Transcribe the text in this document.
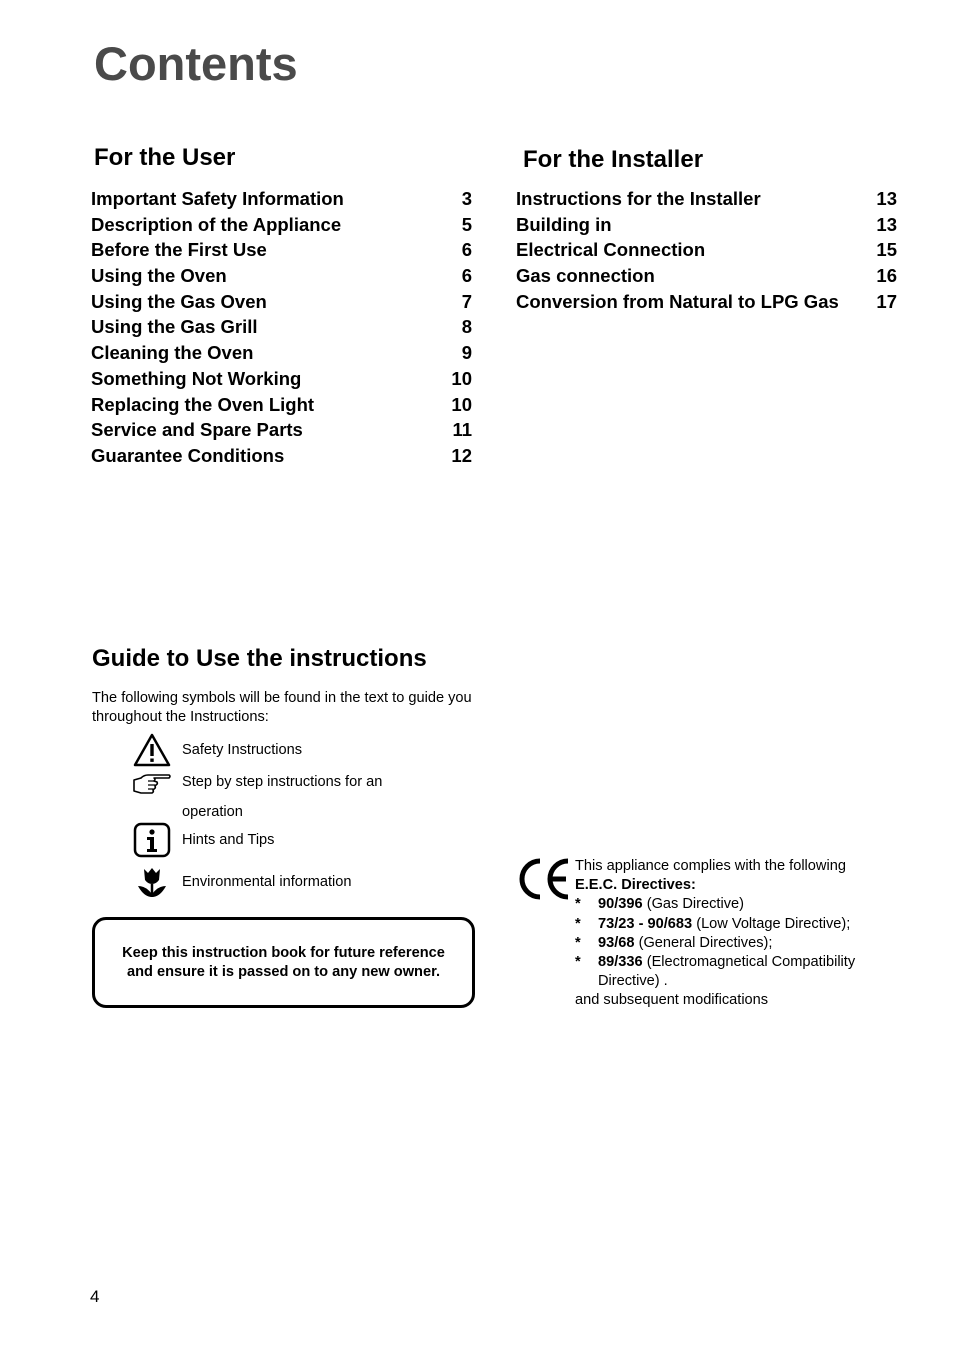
Contents
For the User
Important Safety Information	3
Description of the Appliance	5
Before the First Use	6
Using the Oven	6
Using the Gas Oven	7
Using the Gas Grill	8
Cleaning the Oven	9
Something Not Working	10
Replacing the Oven Light	10
Service and Spare Parts	11
Guarantee Conditions	12
For the Installer
Instructions for the Installer	13
Building in	13
Electrical Connection	15
Gas connection	16
Conversion from Natural to LPG Gas 17
Guide to Use the instructions

The following symbols will be found in the text to guide you throughout the Instructions:

Safety Instructions
Step by step instructions for an
operation
Hints and Tips
Environmental information
Keep this instruction book for future reference
and ensure it is passed on to any new owner.
This appliance complies with the following
E.E.C. Directives:
*	90/396 (Gas Directive)
*	73/23 - 90/683 (Low Voltage Directive);
*	93/68 (General Directives);
*	89/336 (Electromagnetical Compatibility Directive) .
and subsequent modifications
4
